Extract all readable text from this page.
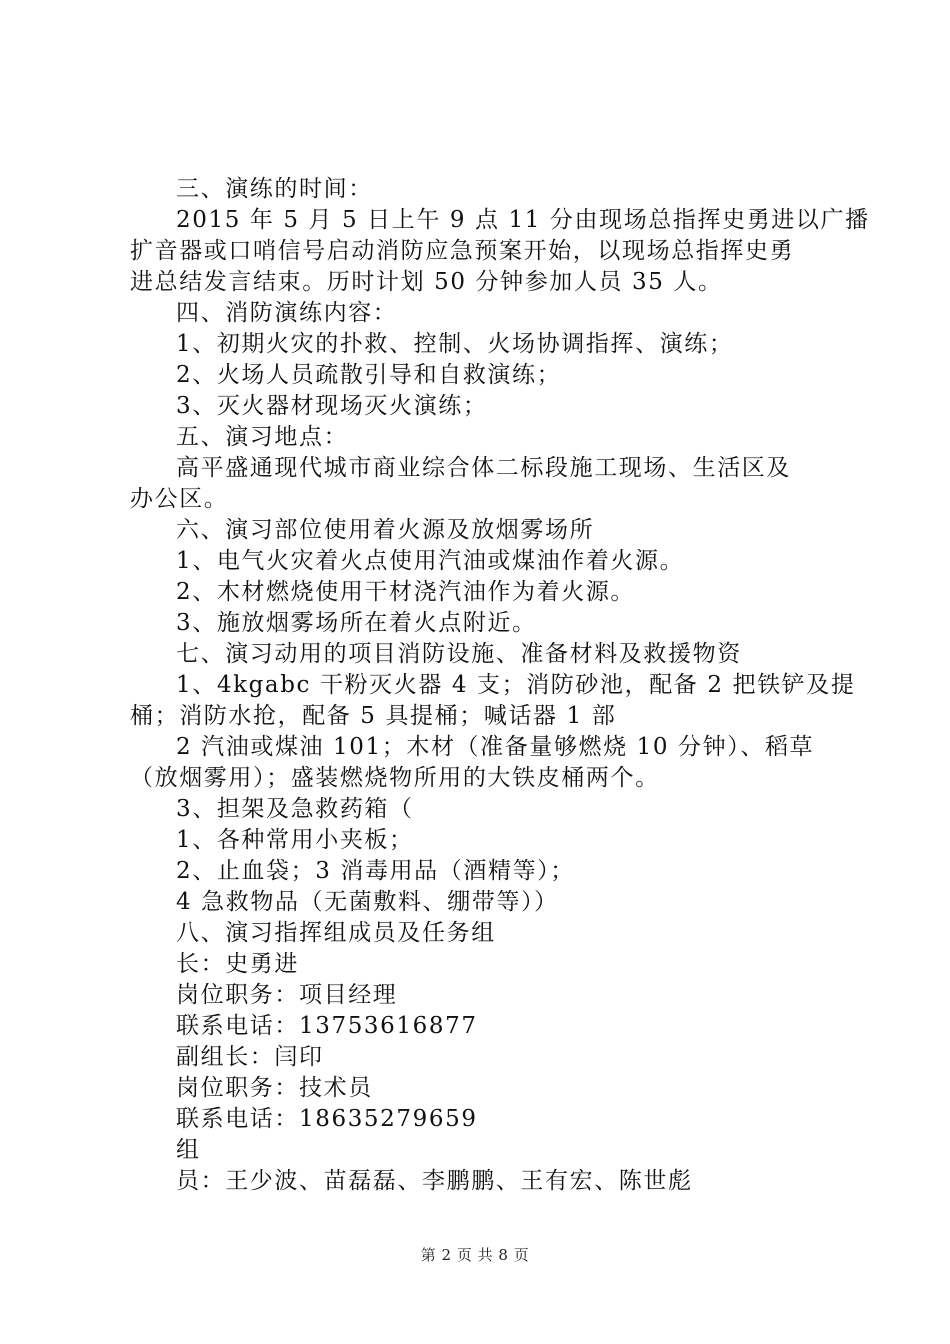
三、演练的时间：

2015 年 5 月 5 日上午 9 点 11 分由现场总指挥史勇进以广播

扩音器或口哨信号启动消防应急预案开始，以现场总指挥史勇

进总结发言结束。历时计划 50 分钟参加人员 35 人。

四、消防演练内容：

1、初期火灾的扑救、控制、火场协调指挥、演练；

2、火场人员疏散引导和自救演练；

3、灭火器材现场灭火演练；

五、演习地点：

高平盛通现代城市商业综合体二标段施工现场、生活区及

办公区。

六、演习部位使用着火源及放烟雾场所

1、电气火灾着火点使用汽油或煤油作着火源。

2、木材燃烧使用干材浇汽油作为着火源。

3、施放烟雾场所在着火点附近。

七、演习动用的项目消防设施、准备材料及救援物资

1、4kgabc 干粉灭火器 4 支；消防砂池，配备 2 把铁铲及提

桶；消防水抢，配备 5 具提桶；喊话器 1 部

2 汽油或煤油 101；木材（准备量够燃烧 10 分钟）、稻草

（放烟雾用）；盛装燃烧物所用的大铁皮桶两个。

3、担架及急救药箱（

1、各种常用小夹板；

2、止血袋；3 消毒用品（酒精等）；

4 急救物品（无菌敷料、绷带等））

八、演习指挥组成员及任务组

长：史勇进

岗位职务：项目经理

联系电话：13753616877

副组长：闫印

岗位职务：技术员

联系电话：18635279659

组

员：王少波、苗磊磊、李鹏鹏、王有宏、陈世彪

第 2 页 共 8 页
